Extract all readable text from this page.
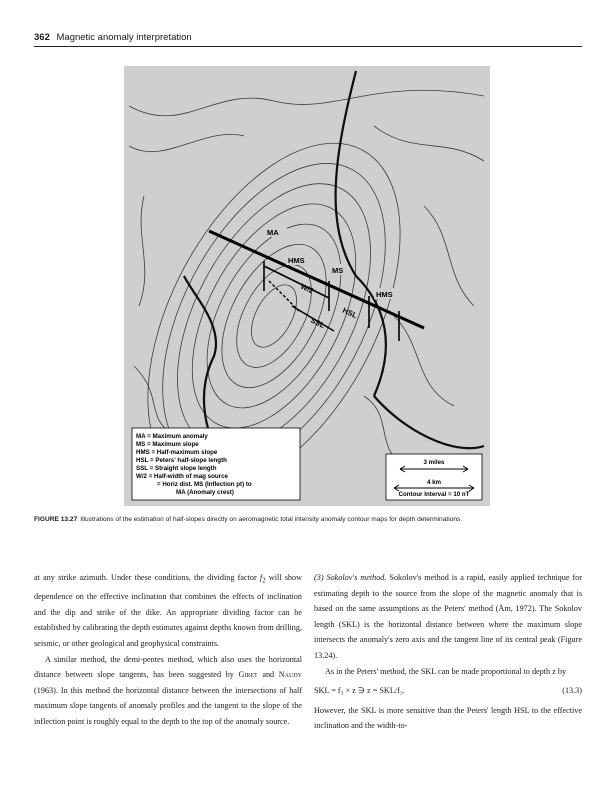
362 Magnetic anomaly interpretation
MA
HMS
MS
W/2	HMS
HSL
SSL
MA = Maximum anomaly
MS = Maximum slope
HMS = Half-maximum slope
HSL = Peters' half-slope length
SSL = Straight slope length
W/2 = Half-width of mag source
= Horiz dist. MS (Inflection pt) to
MA (Anomaly crest)
3 miles
4 km
Contour Interval = 10 nT
FIGURE 13.27 Illustrations of the estimation of half-slopes directly on aeromagnetic total intensity anomaly contour maps for depth determinations.

at any strike azimuth. Under these conditions, the dividing factor $f_2$ will show dependence on the effective inclination that combines the effects of inclination and the dip and strike of the dike. An appropriate dividing factor can be established by calibrating the depth estimates against depths known from drilling, seismic, or other geological and geophysical constraints.

A similar method, the demi-pentes method, which also uses the horizontal distance between slope tangents, has been suggested by Giret and Naudy (1963). In this method the horizontal distance between the intersections of half maximum slope tangents of anomaly profiles and the tangent to the slope of the inflection point is roughly equal to the depth to the top of the anomaly source.

(3) Sokolov's method. Sokolov's method is a rapid, easily applied technique for estimating depth to the source from the slope of the magnetic anomaly that is based on the same assumptions as the Peters' method (Åm, 1972). The Sokolov length (SKL) is the horizontal distance between where the maximum slope intersects the anomaly's zero axis and the tangent line of its central peak (Figure 13.24).

As in the Peters' method, the SKL can be made proportional to depth z by

SKL = f₃ × z ∋ z = SKL/f₃.	(13.3)

However, the SKL is more sensitive than the Peters' length HSL to the effective inclination and the width-to-
